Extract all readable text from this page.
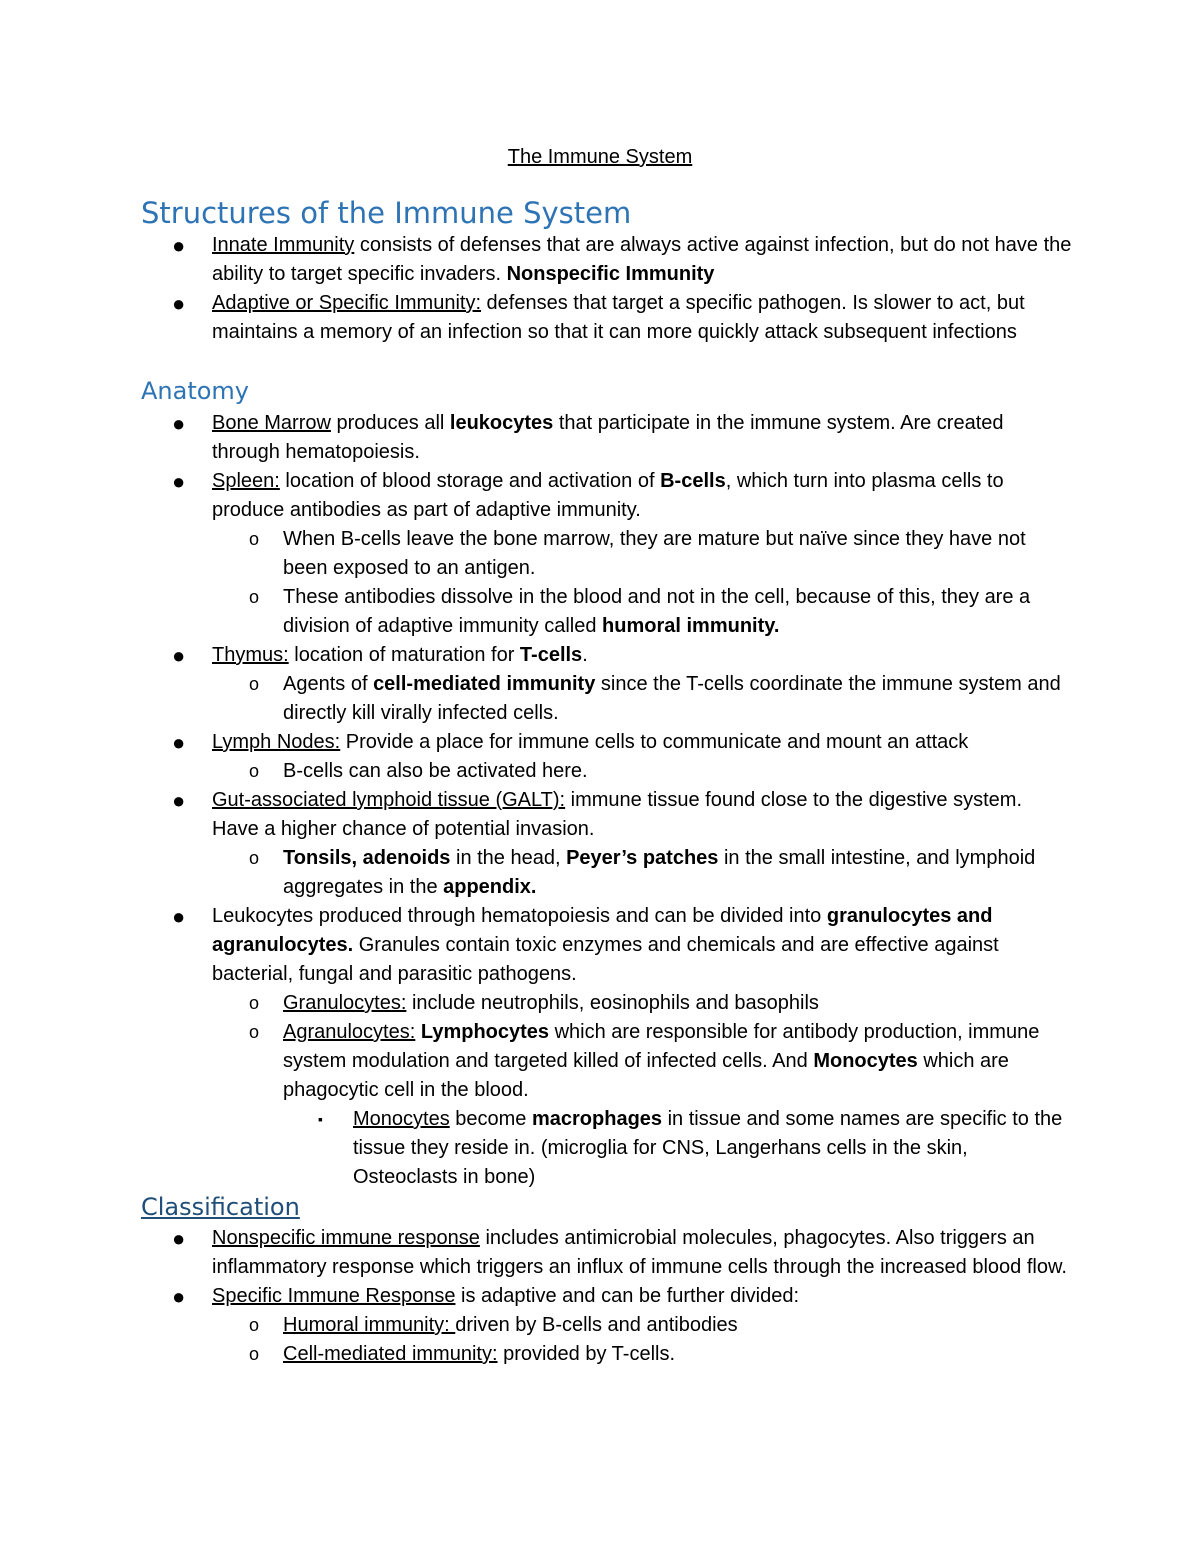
The Immune System
Structures of the Immune System
● Innate Immunity consists of defenses that are always active against infection, but do not have the ability to target specific invaders. Nonspecific Immunity
● Adaptive or Specific Immunity: defenses that target a specific pathogen. Is slower to act, but maintains a memory of an infection so that it can more quickly attack subsequent infections
Anatomy
● Bone Marrow produces all leukocytes that participate in the immune system. Are created through hematopoiesis.
● Spleen: location of blood storage and activation of B-cells, which turn into plasma cells to produce antibodies as part of adaptive immunity.
o When B-cells leave the bone marrow, they are mature but naïve since they have not been exposed to an antigen.
o These antibodies dissolve in the blood and not in the cell, because of this, they are a division of adaptive immunity called humoral immunity.
● Thymus: location of maturation for T-cells.
o Agents of cell-mediated immunity since the T-cells coordinate the immune system and directly kill virally infected cells.
● Lymph Nodes: Provide a place for immune cells to communicate and mount an attack
o B-cells can also be activated here.
● Gut-associated lymphoid tissue (GALT): immune tissue found close to the digestive system. Have a higher chance of potential invasion.
o Tonsils, adenoids in the head, Peyer’s patches in the small intestine, and lymphoid aggregates in the appendix.
● Leukocytes produced through hematopoiesis and can be divided into granulocytes and agranulocytes. Granules contain toxic enzymes and chemicals and are effective against bacterial, fungal and parasitic pathogens.
o Granulocytes: include neutrophils, eosinophils and basophils
o Agranulocytes: Lymphocytes which are responsible for antibody production, immune system modulation and targeted killed of infected cells. And Monocytes which are phagocytic cell in the blood.
▪ Monocytes become macrophages in tissue and some names are specific to the tissue they reside in. (microglia for CNS, Langerhans cells in the skin, Osteoclasts in bone)
Classification
● Nonspecific immune response includes antimicrobial molecules, phagocytes. Also triggers an inflammatory response which triggers an influx of immune cells through the increased blood flow.
● Specific Immune Response is adaptive and can be further divided:
o Humoral immunity: driven by B-cells and antibodies
o Cell-mediated immunity: provided by T-cells.
